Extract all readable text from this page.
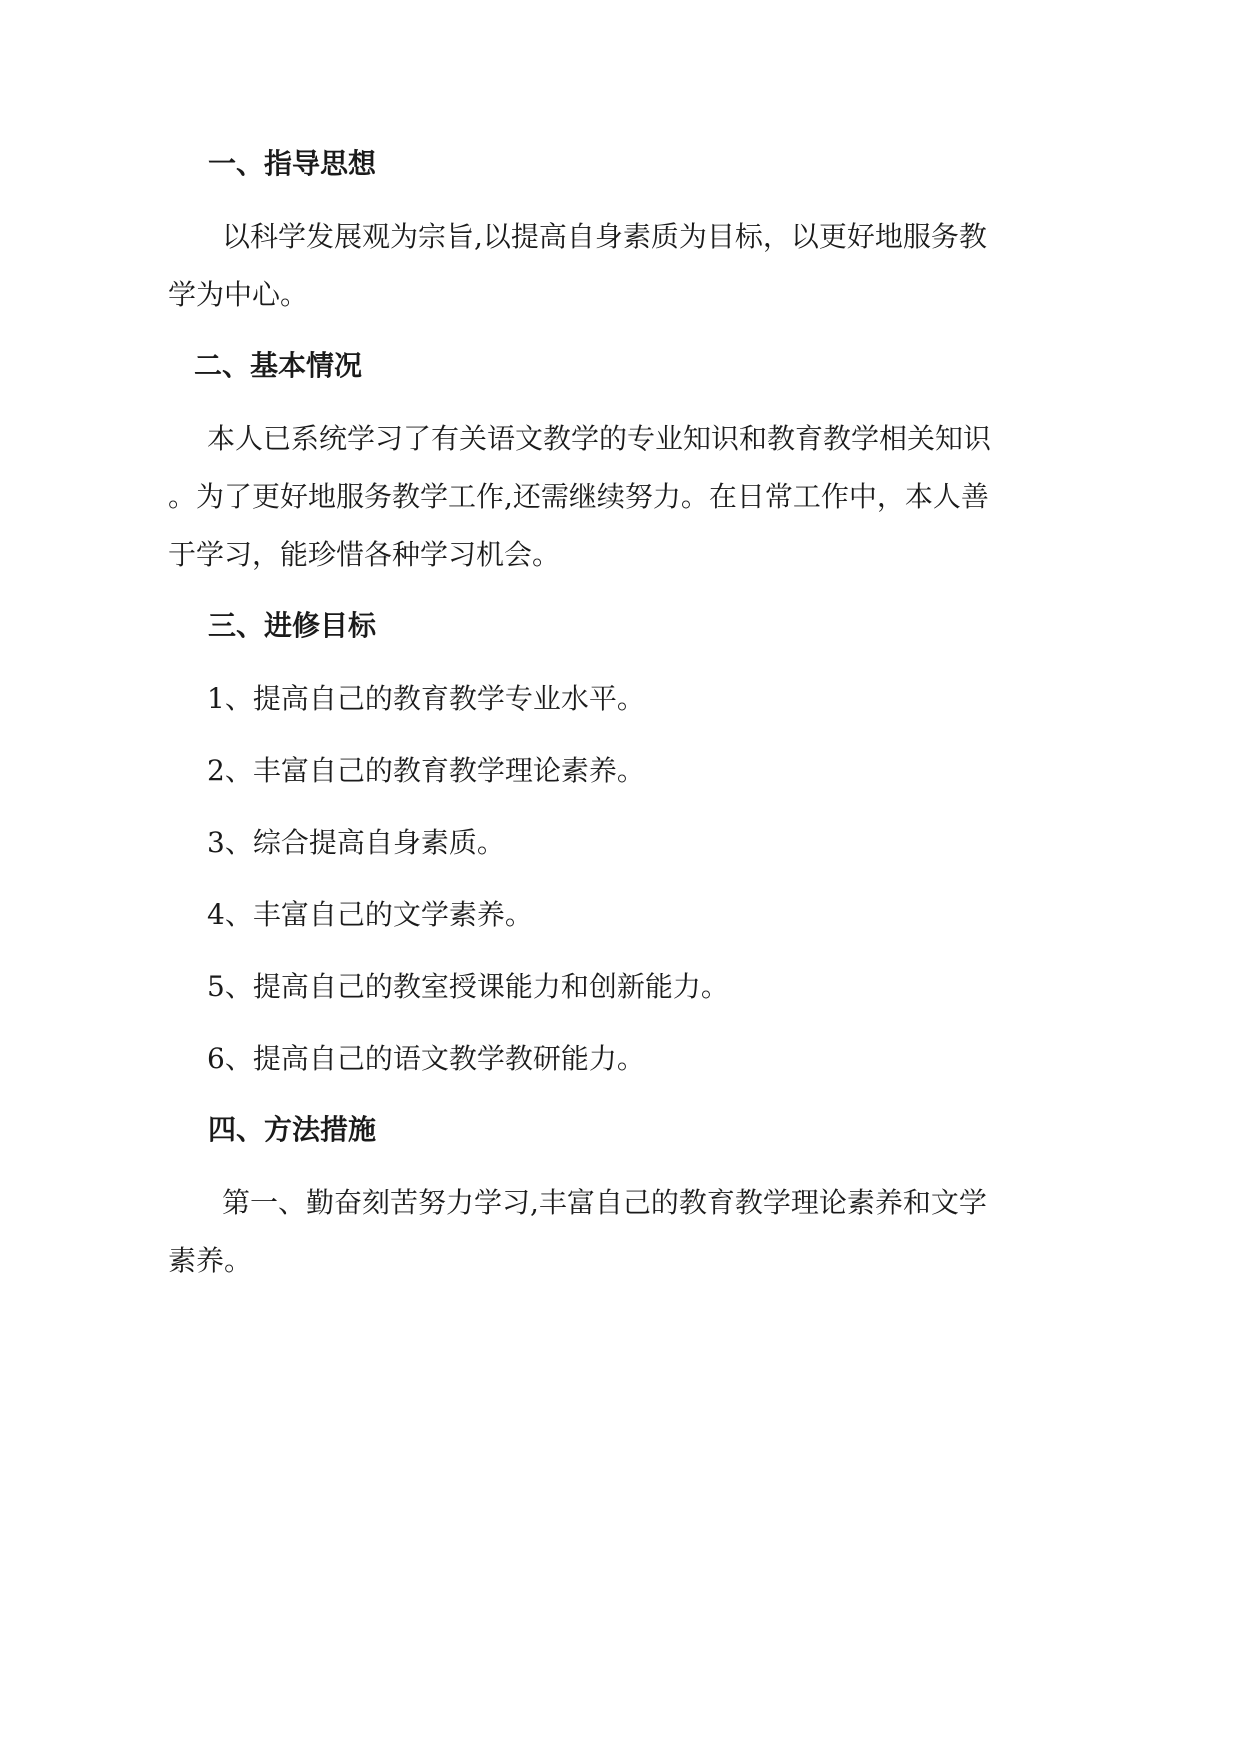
一、指导思想
以科学发展观为宗旨,以提高自身素质为目标，以更好地服务教
学为中心。
二、基本情况
本人已系统学习了有关语文教学的专业知识和教育教学相关知识
。为了更好地服务教学工作,还需继续努力。在日常工作中，本人善
于学习，能珍惜各种学习机会。
三、进修目标
1、提高自己的教育教学专业水平。
2、丰富自己的教育教学理论素养。
3、综合提高自身素质。
4、丰富自己的文学素养。
5、提高自己的教室授课能力和创新能力。
6、提高自己的语文教学教研能力。
四、方法措施
第一、勤奋刻苦努力学习,丰富自己的教育教学理论素养和文学
素养。
